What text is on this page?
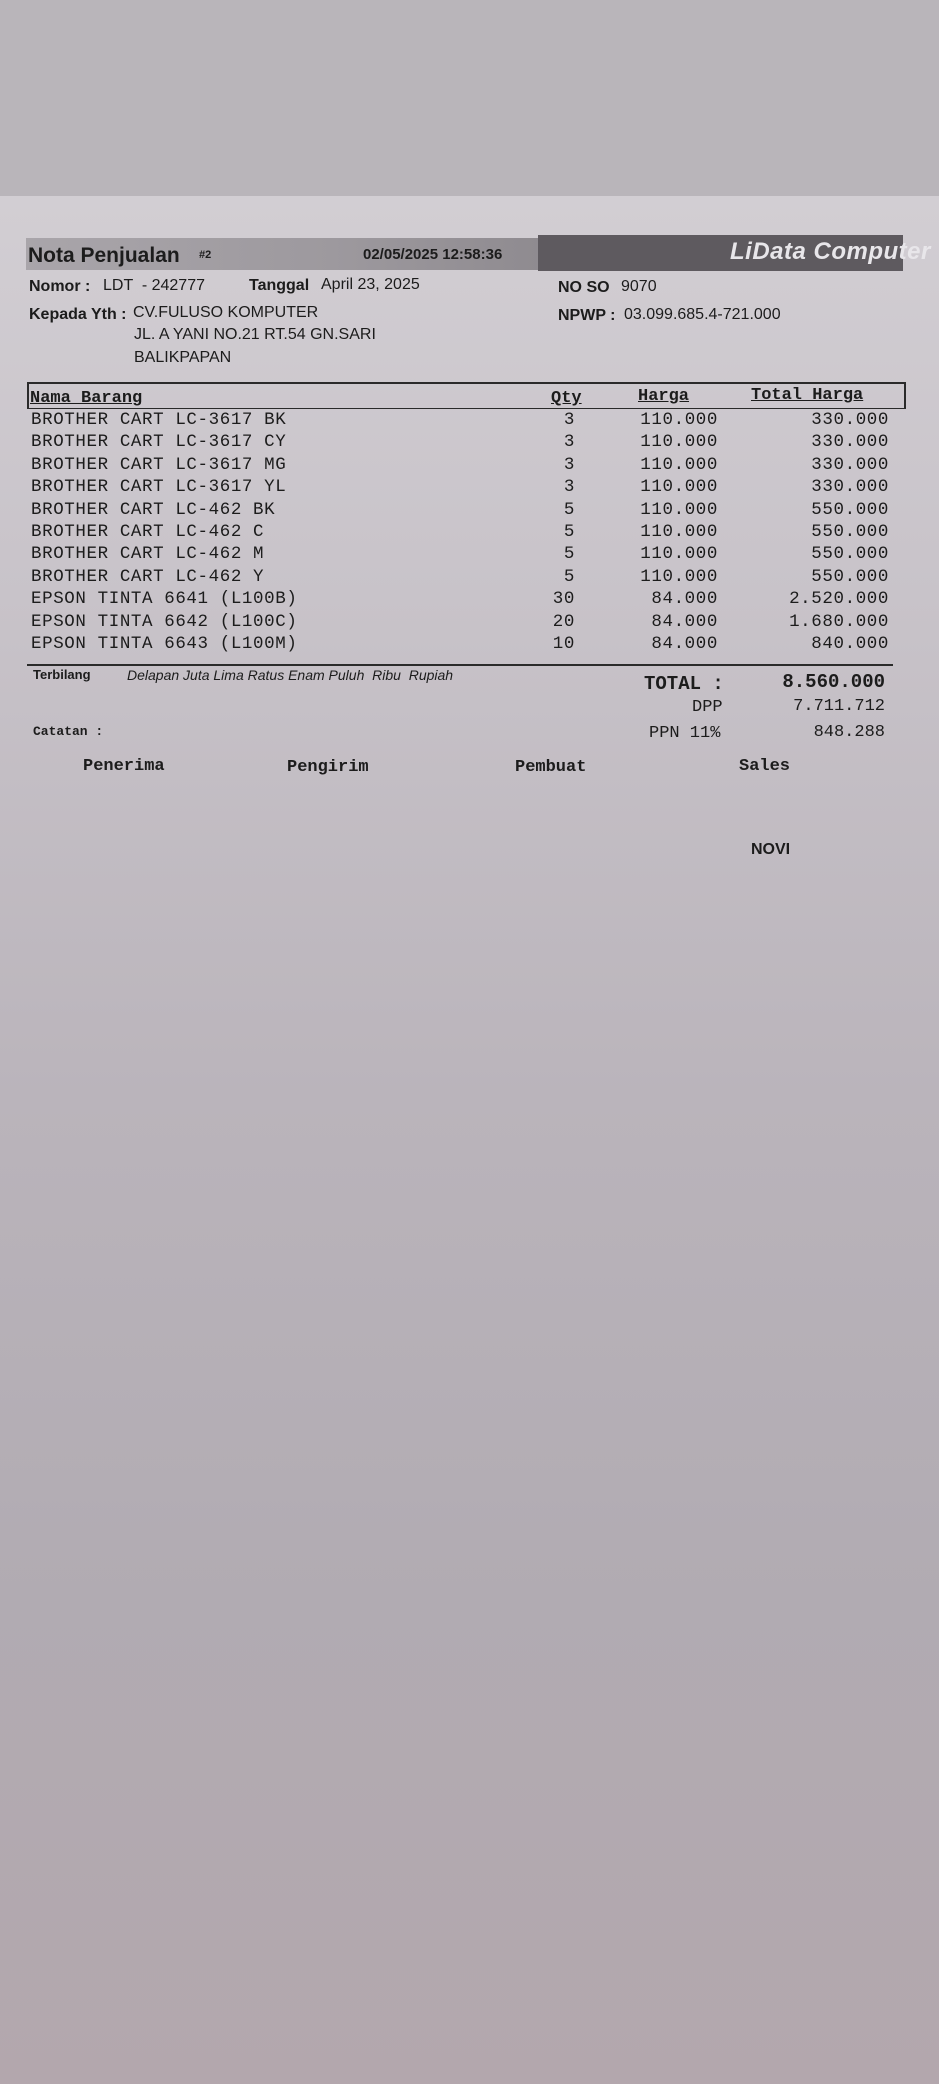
Nota Penjualan #2	02/05/2025 12:58:36	LiData Computer
Nomor : LDT  - 242777	Tanggal April 23, 2025	NO SO 9070
Kepada Yth : CV.FULUSO KOMPUTER	NPWP : 03.099.685.4-721.000
JL. A YANI NO.21 RT.54 GN.SARI
BALIKPAPAN
Nama Barang	Qty	Harga	Total Harga
BROTHER CART LC-3617 BK	3	110.000	330.000
BROTHER CART LC-3617 CY	3	110.000	330.000
BROTHER CART LC-3617 MG	3	110.000	330.000
BROTHER CART LC-3617 YL	3	110.000	330.000
BROTHER CART LC-462 BK	5	110.000	550.000
BROTHER CART LC-462 C	5	110.000	550.000
BROTHER CART LC-462 M	5	110.000	550.000
BROTHER CART LC-462 Y	5	110.000	550.000
EPSON TINTA 6641 (L100B)	30	84.000	2.520.000
EPSON TINTA 6642 (L100C)	20	84.000	1.680.000
EPSON TINTA 6643 (L100M)	10	84.000	840.000
Terbilang	Delapan Juta Lima Ratus Enam Puluh  Ribu  Rupiah	TOTAL :	8.560.000
DPP	7.711.712
Catatan :	PPN 11%	848.288
Penerima	Pengirim	Pembuat	Sales
NOVI
